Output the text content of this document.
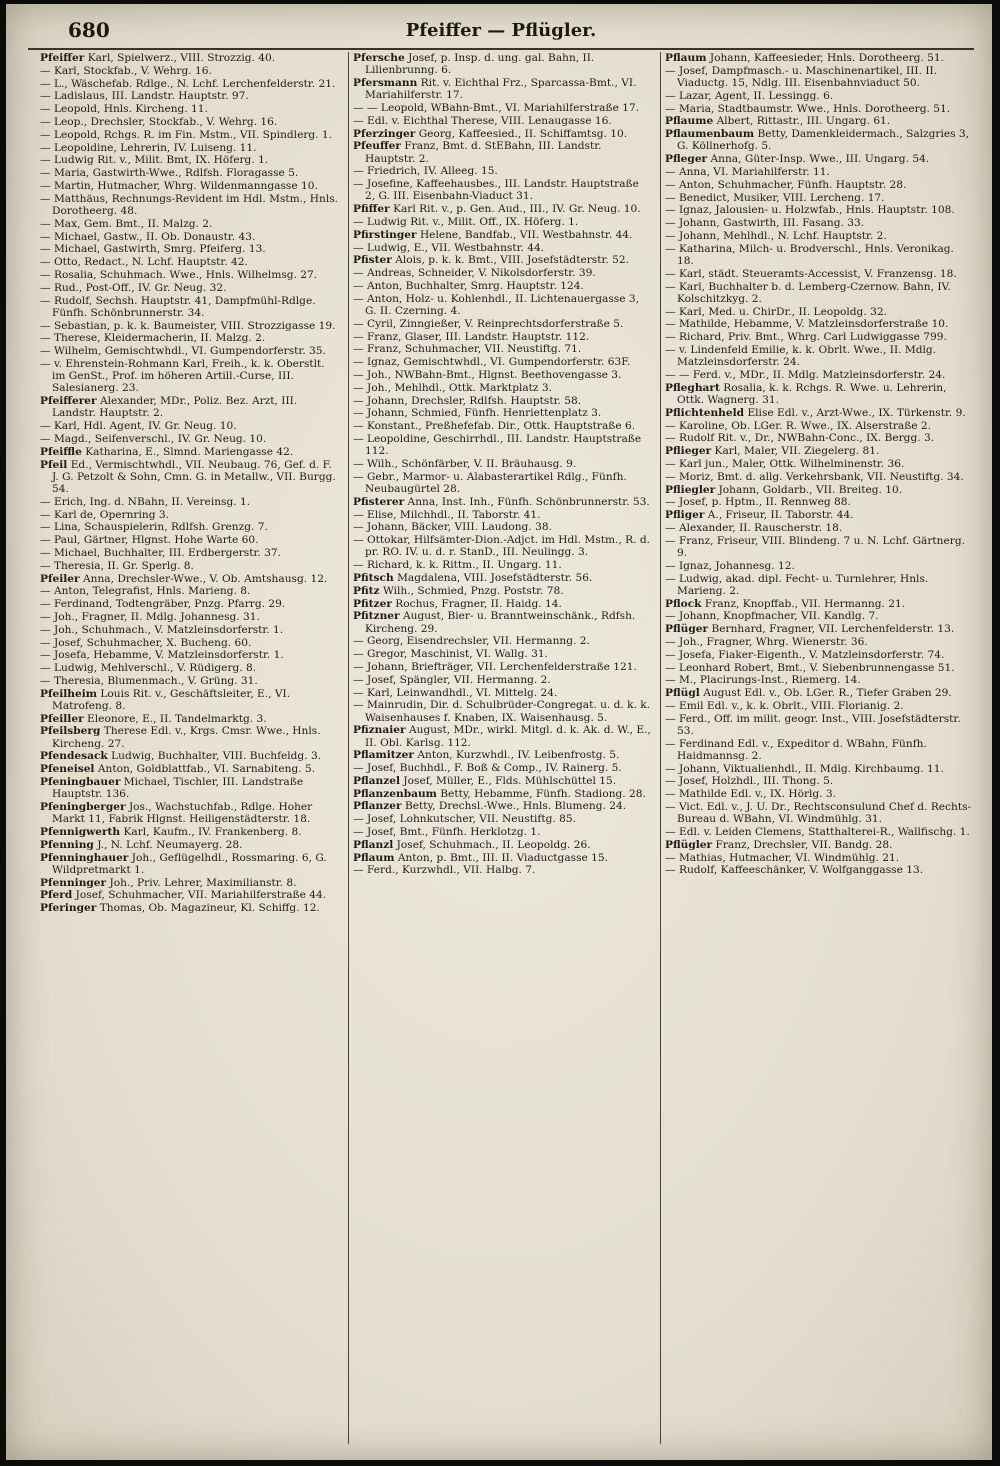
680	Pfeiffer — Pflügler.
Pfeiffer Karl, Spielwerz., VIII. Strozzig. 40.
— Karl, Stockfab., V. Wehrg. 16.
— L., Wäschefab. Rdlge., N. Lchf. Lerchenfelderstr. 21.
— Ladislaus, III. Landstr. Hauptstr. 97.
— Leopold, Hnls. Kircheng. 11.
— Leop., Drechsler, Stockfab., V. Wehrg. 16.
— Leopold, Rchgs. R. im Fin. Mstm., VII. Spindlerg. 1.
— Leopoldine, Lehrerin, IV. Luiseng. 11.
— Ludwig Rit. v., Milit. Bmt, IX. Höferg. 1.
— Maria, Gastwirth-Wwe., Rdlfsh. Floragasse 5.
— Martin, Hutmacher, Whrg. Wildenmanngasse 10.
— Matthäus, Rechnungs-Revident im Hdl. Mstm., Hnls. Dorotheerg. 48.
— Max, Gem. Bmt., II. Malzg. 2.
— Michael, Gastw., II. Ob. Donaustr. 43.
— Michael, Gastwirth, Smrg. Pfeiferg. 13.
— Otto, Redact., N. Lchf. Hauptstr. 42.
— Rosalia, Schuhmach. Wwe., Hnls. Wilhelmsg. 27.
— Rud., Post-Off., IV. Gr. Neug. 32.
— Rudolf, Sechsh. Hauptstr. 41, Dampfmühl-Rdlge. Fünfh. Schönbrunnerstr. 34.
— Sebastian, p. k. k. Baumeister, VIII. Strozzigasse 19.
— Therese, Kleidermacherin, II. Malzg. 2.
— Wilhelm, Gemischtwhdl., VI. Gumpendorferstr. 35.
— v. Ehrenstein-Rohmann Karl, Freih., k. k. Oberstlt. im GenSt., Prof. im höheren Artill.-Curse, III. Salesianerg. 23.
Pfeifferer Alexander, MDr., Poliz. Bez. Arzt, III. Landstr. Hauptstr. 2.
— Karl, Hdl. Agent, IV. Gr. Neug. 10.
— Magd., Seifenverschl., IV. Gr. Neug. 10.
Pfeiffle Katharina, E., Slmnd. Mariengasse 42.
Pfeil Ed., Vermischtwhdl., VII. Neubaug. 76, Gef. d. F. J. G. Petzolt & Sohn, Cmn. G. in Metallw., VII. Burgg. 54.
— Erich, Ing. d. NBahn, II. Vereinsg. 1.
— Karl de, Opernring 3.
— Lina, Schauspielerin, Rdlfsh. Grenzg. 7.
— Paul, Gärtner, Hlgnst. Hohe Warte 60.
— Michael, Buchhalter, III. Erdbergerstr. 37.
— Theresia, II. Gr. Sperlg. 8.
Pfeiler Anna, Drechsler-Wwe., V. Ob. Amtshausg. 12.
— Anton, Telegrafist, Hnls. Marieng. 8.
— Ferdinand, Todtengräber, Pnzg. Pfarrg. 29.
— Joh., Fragner, II. Mdlg. Johannesg. 31.
— Joh., Schuhmach., V. Matzleinsdorferstr. 1.
— Josef, Schuhmacher, X. Bucheng. 60.
— Josefa, Hebamme, V. Matzleinsdorferstr. 1.
— Ludwig, Mehlverschl., V. Rüdigerg. 8.
— Theresia, Blumenmach., V. Grüng. 31.
Pfeilheim Louis Rit. v., Geschäftsleiter, E., VI. Matrofeng. 8.
Pfeiller Eleonore, E., II. Tandelmarktg. 3.
Pfeilsberg Therese Edl. v., Krgs. Cmsr. Wwe., Hnls. Kircheng. 27.
Pfendesack Ludwig, Buchhalter, VIII. Buchfeldg. 3.
Pfeneisel Anton, Goldblattfab., VI. Sarnabiteng. 5.
Pfeningbauer Michael, Tischler, III. Landstraße Hauptstr. 136.
Pfeningberger Jos., Wachstuchfab., Rdlge. Hoher Markt 11, Fabrik Hlgnst. Heiligenstädterstr. 18.
Pfennigwerth Karl, Kaufm., IV. Frankenberg. 8.
Pfenning J., N. Lchf. Neumayerg. 28.
Pfenninghauer Joh., Geflügelhdl., Rossmaring. 6, G. Wildpretmarkt 1.
Pfenninger Joh., Priv. Lehrer, Maximilianstr. 8.
Pferd Josef, Schuhmacher, VII. Mariahilferstraße 44.
Pferinger Thomas, Ob. Magazineur, Kl. Schiffg. 12.
Pfersche Josef, p. Insp. d. ung. gal. Bahn, II. Lilienbrunng. 6.
Pfersmann Rit. v. Eichthal Frz., Sparcassa-Bmt., VI. Mariahilferstr. 17.
— — Leopold, WBahn-Bmt., VI. Mariahilferstraße 17.
— Edl. v. Eichthal Therese, VIII. Lenaugasse 16.
Pferzinger Georg, Kaffeesied., II. Schiffamtsg. 10.
Pfeuffer Franz, Bmt. d. StEBahn, III. Landstr. Hauptstr. 2.
— Friedrich, IV. Alleeg. 15.
— Josefine, Kaffeehausbes., III. Landstr. Hauptstraße 2, G. III. Eisenbahn-Viaduct 31.
Pfiffer Karl Rit. v., p. Gen. Aud., III., IV. Gr. Neug. 10.
— Ludwig Rit. v., Milit. Off., IX. Höferg. 1.
Pfirstinger Helene, Bandfab., VII. Westbahnstr. 44.
— Ludwig, E., VII. Westbahnstr. 44.
Pfister Alois, p. k. k. Bmt., VIII. Josefstädterstr. 52.
— Andreas, Schneider, V. Nikolsdorferstr. 39.
— Anton, Buchhalter, Smrg. Hauptstr. 124.
— Anton, Holz- u. Kohlenhdl., II. Lichtenauergasse 3, G. II. Czerning. 4.
— Cyril, Zinngießer, V. Reinprechtsdorferstraße 5.
— Franz, Glaser, III. Landstr. Hauptstr. 112.
— Franz, Schuhmacher, VII. Neustiftg. 71.
— Ignaz, Gemischtwhdl., VI. Gumpendorferstr. 63F.
— Joh., NWBahn-Bmt., Hlgnst. Beethovengasse 3.
— Joh., Mehlhdl., Ottk. Marktplatz 3.
— Johann, Drechsler, Rdlfsh. Hauptstr. 58.
— Johann, Schmied, Fünfh. Henriettenplatz 3.
— Konstant., Preßhefefab. Dir., Ottk. Hauptstraße 6.
— Leopoldine, Geschirrhdl., III. Landstr. Hauptstraße 112.
— Wilh., Schönfärber, V. II. Bräuhausg. 9.
— Gebr., Marmor- u. Alabasterartikel Rdlg., Fünfh. Neubaugürtel 28.
Pfisterer Anna, Inst. Inh., Fünfh. Schönbrunnerstr. 53.
— Elise, Milchhdl., II. Taborstr. 41.
— Johann, Bäcker, VIII. Laudong. 38.
— Ottokar, Hilfsämter-Dion.-Adjct. im Hdl. Mstm., R. d. pr. RO. IV. u. d. r. StanD., III. Neulingg. 3.
— Richard, k. k. Rittm., II. Ungarg. 11.
Pfitsch Magdalena, VIII. Josefstädterstr. 56.
Pfitz Wilh., Schmied, Pnzg. Poststr. 78.
Pfitzer Rochus, Fragner, II. Haidg. 14.
Pfitzner August, Bier- u. Branntweinschänk., Rdfsh. Kircheng. 29.
— Georg, Eisendrechsler, VII. Hermanng. 2.
— Gregor, Maschinist, VI. Wallg. 31.
— Johann, Briefträger, VII. Lerchenfelderstraße 121.
— Josef, Spängler, VII. Hermanng. 2.
— Karl, Leinwandhdl., VI. Mittelg. 24.
— Mainrudin, Dir. d. Schulbrüder-Congregat. u. d. k. k. Waisenhauses f. Knaben, IX. Waisenhausg. 5.
Pfiznaier August, MDr., wirkl. Mitgl. d. k. Ak. d. W., E., II. Obl. Karlsg. 112.
Pflamitzer Anton, Kurzwhdl., IV. Leibenfrostg. 5.
— Josef, Buchhdl., F. Boß & Comp., IV. Rainerg. 5.
Pflanzel Josef, Müller, E., Flds. Mühlschüttel 15.
Pflanzenbaum Betty, Hebamme, Fünfh. Stadiong. 28.
Pflanzer Betty, Drechsl.-Wwe., Hnls. Blumeng. 24.
— Josef, Lohnkutscher, VII. Neustiftg. 85.
— Josef, Bmt., Fünfh. Herklotzg. 1.
Pflanzl Josef, Schuhmach., II. Leopoldg. 26.
Pflaum Anton, p. Bmt., III. II. Viaductgasse 15.
— Ferd., Kurzwhdl., VII. Halbg. 7.
Pflaum Johann, Kaffeesieder, Hnls. Dorotheerg. 51.
— Josef, Dampfmasch.- u. Maschinenartikel, III. II. Viaductg. 15, Ndlg. III. Eisenbahnviaduct 50.
— Lazar, Agent, II. Lessingg. 6.
— Maria, Stadtbaumstr. Wwe., Hnls. Dorotheerg. 51.
Pflaume Albert, Rittastr., III. Ungarg. 61.
Pflaumenbaum Betty, Damenkleidermach., Salzgries 3, G. Köllnerhofg. 5.
Pfleger Anna, Güter-Insp. Wwe., III. Ungarg. 54.
— Anna, VI. Mariahilferstr. 11.
— Anton, Schuhmacher, Fünfh. Hauptstr. 28.
— Benedict, Musiker, VIII. Lercheng. 17.
— Ignaz, Jalousien- u. Holzwfab., Hnls. Hauptstr. 108.
— Johann, Gastwirth, III. Fasang. 33.
— Johann, Mehlhdl., N. Lchf. Hauptstr. 2.
— Katharina, Milch- u. Brodverschl., Hnls. Veronikag. 18.
— Karl, städt. Steueramts-Accessist, V. Franzensg. 18.
— Karl, Buchhalter b. d. Lemberg-Czernow. Bahn, IV. Kolschitzkyg. 2.
— Karl, Med. u. ChirDr., II. Leopoldg. 32.
— Mathilde, Hebamme, V. Matzleinsdorferstraße 10.
— Richard, Priv. Bmt., Whrg. Carl Ludwiggasse 799.
— v. Lindenfeld Emilie, k. k. Obrlt. Wwe., II. Mdlg. Matzleinsdorferstr. 24.
— — Ferd. v., MDr., II. Mdlg. Matzleinsdorferstr. 24.
Pfleghart Rosalia, k. k. Rchgs. R. Wwe. u. Lehrerin, Ottk. Wagnerg. 31.
Pflichtenheld Elise Edl. v., Arzt-Wwe., IX. Türkenstr. 9.
— Karoline, Ob. LGer. R. Wwe., IX. Alserstraße 2.
— Rudolf Rit. v., Dr., NWBahn-Conc., IX. Bergg. 3.
Pflieger Karl, Maler, VII. Ziegelerg. 81.
— Karl jun., Maler, Ottk. Wilhelminenstr. 36.
— Moriz, Bmt. d. allg. Verkehrsbank, VII. Neustiftg. 34.
Pfliegler Johann, Goldarb., VII. Breiteg. 10.
— Josef, p. Hptm., II. Rennweg 88.
Pfliger A., Friseur, II. Taborstr. 44.
— Alexander, II. Rauscherstr. 18.
— Franz, Friseur, VIII. Blindeng. 7 u. N. Lchf. Gärtnerg. 9.
— Ignaz, Johannesg. 12.
— Ludwig, akad. dipl. Fecht- u. Turnlehrer, Hnls. Marieng. 2.
Pflock Franz, Knopffab., VII. Hermanng. 21.
— Johann, Knopfmacher, VII. Kandlg. 7.
Pflüger Bernhard, Fragner, VII. Lerchenfelderstr. 13.
— Joh., Fragner, Whrg. Wienerstr. 36.
— Josefa, Fiaker-Eigenth., V. Matzleinsdorferstr. 74.
— Leonhard Robert, Bmt., V. Siebenbrunnengasse 51.
— M., Placirungs-Inst., Riemerg. 14.
Pflügl August Edl. v., Ob. LGer. R., Tiefer Graben 29.
— Emil Edl. v., k. k. Obrlt., VIII. Florianig. 2.
— Ferd., Off. im milit. geogr. Inst., VIII. Josefstädterstr. 53.
— Ferdinand Edl. v., Expeditor d. WBahn, Fünfh. Haidmannsg. 2.
— Johann, Viktualienhdl., II. Mdlg. Kirchbaumg. 11.
— Josef, Holzhdl., III. Thong. 5.
— Mathilde Edl. v., IX. Hörlg. 3.
— Vict. Edl. v., J. U. Dr., Rechtsconsulund Chef d. Rechts-Bureau d. WBahn, VI. Windmühlg. 31.
— Edl. v. Leiden Clemens, Statthalterei-R., Wallfischg. 1.
Pflügler Franz, Drechsler, VII. Bandg. 28.
— Mathias, Hutmacher, VI. Windmühlg. 21.
— Rudolf, Kaffeeschänker, V. Wolfganggasse 13.
